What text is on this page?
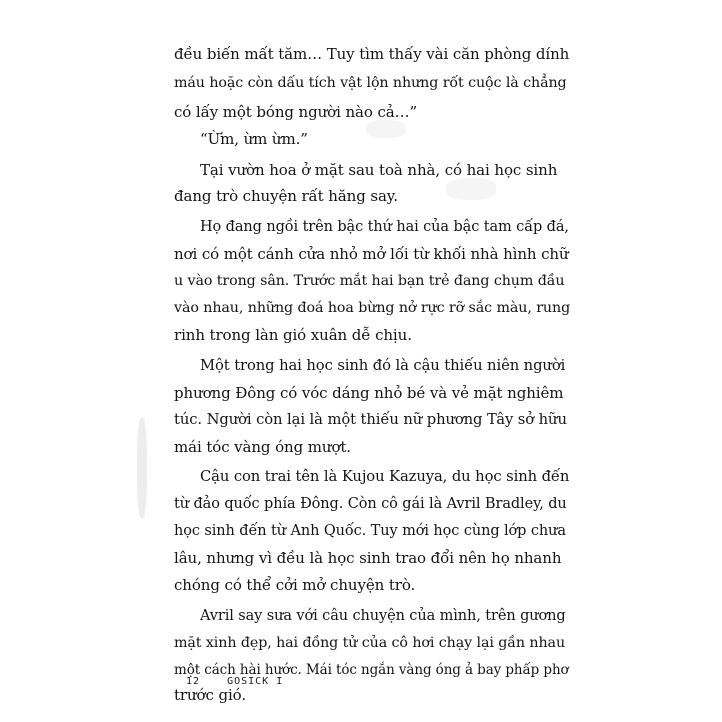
đều biến mất tăm… Tuy tìm thấy vài căn phòng dính
máu hoặc còn dấu tích vật lộn nhưng rốt cuộc là chẳng
có lấy một bóng người nào cả…”
“Ừm, ừm ừm.”
Tại vườn hoa ở mặt sau toà nhà, có hai học sinh
đang trò chuyện rất hăng say.
Họ đang ngồi trên bậc thứ hai của bậc tam cấp đá,
nơi có một cánh cửa nhỏ mở lối từ khối nhà hình chữ
u vào trong sân. Trước mắt hai bạn trẻ đang chụm đầu
vào nhau, những đoá hoa bừng nở rực rỡ sắc màu, rung
rinh trong làn gió xuân dễ chịu.
Một trong hai học sinh đó là cậu thiếu niên người
phương Đông có vóc dáng nhỏ bé và vẻ mặt nghiêm
túc. Người còn lại là một thiếu nữ phương Tây sở hữu
mái tóc vàng óng mượt.
Cậu con trai tên là Kujou Kazuya, du học sinh đến
từ đảo quốc phía Đông. Còn cô gái là Avril Bradley, du
học sinh đến từ Anh Quốc. Tuy mới học cùng lớp chưa
lâu, nhưng vì đều là học sinh trao đổi nên họ nhanh
chóng có thể cởi mở chuyện trò.
Avril say sưa với câu chuyện của mình, trên gương
mặt xinh đẹp, hai đồng tử của cô hơi chạy lại gần nhau
một cách hài hước. Mái tóc ngắn vàng óng ả bay phấp phơ
trước gió.
12	GOSICK I
